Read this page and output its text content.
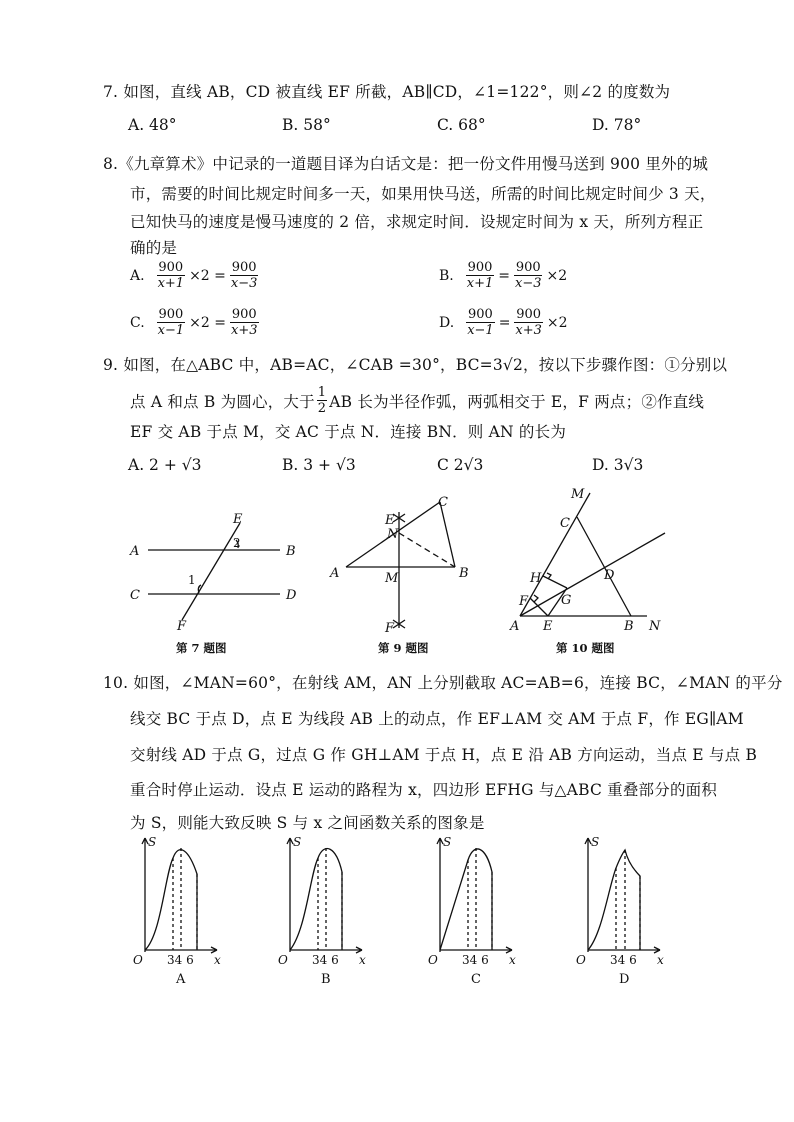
7. 如图，直线 AB，CD 被直线 EF 所截，AB∥CD，∠1=122°，则∠2 的度数为
A. 48°	B. 58°	C. 68°	D. 78°
8.《九章算术》中记录的一道题目译为白话文是：把一份文件用慢马送到 900 里外的城
市，需要的时间比规定时间多一天，如果用快马送，所需的时间比规定时间少 3 天，
已知快马的速度是慢马速度的 2 倍，求规定时间．设规定时间为 x 天，所列方程正
确的是
A. $\frac{900}{x+1} \times 2 = \frac{900}{x-3}$	B. $\frac{900}{x+1} = \frac{900}{x-3} \times 2$
C. $\frac{900}{x-1} \times 2 = \frac{900}{x+3}$	D. $\frac{900}{x-1} = \frac{900}{x+3} \times 2$
9. 如图，在△ABC 中，AB=AC，∠CAB =30°，BC=3√2，按以下步骤作图：①分别以
点 A 和点 B 为圆心，大于 $\frac{1}{2}$ AB 长为半径作弧，两弧相交于 E，F 两点；②作直线
EF 交 AB 于点 M，交 AC 于点 N．连接 BN．则 AN 的长为
A. 2 + √3	B. 3 + √3	C 2√3	D. 3√3
A	B
C	D
E
F
1
2
第 7 题图
A	B
C
E
F
M
N
第 9 题图
M
C
D
H
F	G
A E	B N
第 10 题图
10. 如图，∠MAN=60°，在射线 AM，AN 上分别截取 AC=AB=6，连接 BC，∠MAN 的平分
线交 BC 于点 D，点 E 为线段 AB 上的动点，作 EF⊥AM 交 AM 于点 F，作 EG∥AM
交射线 AD 于点 G，过点 G 作 GH⊥AM 于点 H，点 E 沿 AB 方向运动，当点 E 与点 B
重合时停止运动．设点 E 运动的路程为 x，四边形 EFHG 与△ABC 重叠部分的面积
为 S，则能大致反映 S 与 x 之间函数关系的图象是
S
x
O 34 6
A
S
x
O 34 6
B
S
x
O 34 6
C
S
x
O 34 6
D
